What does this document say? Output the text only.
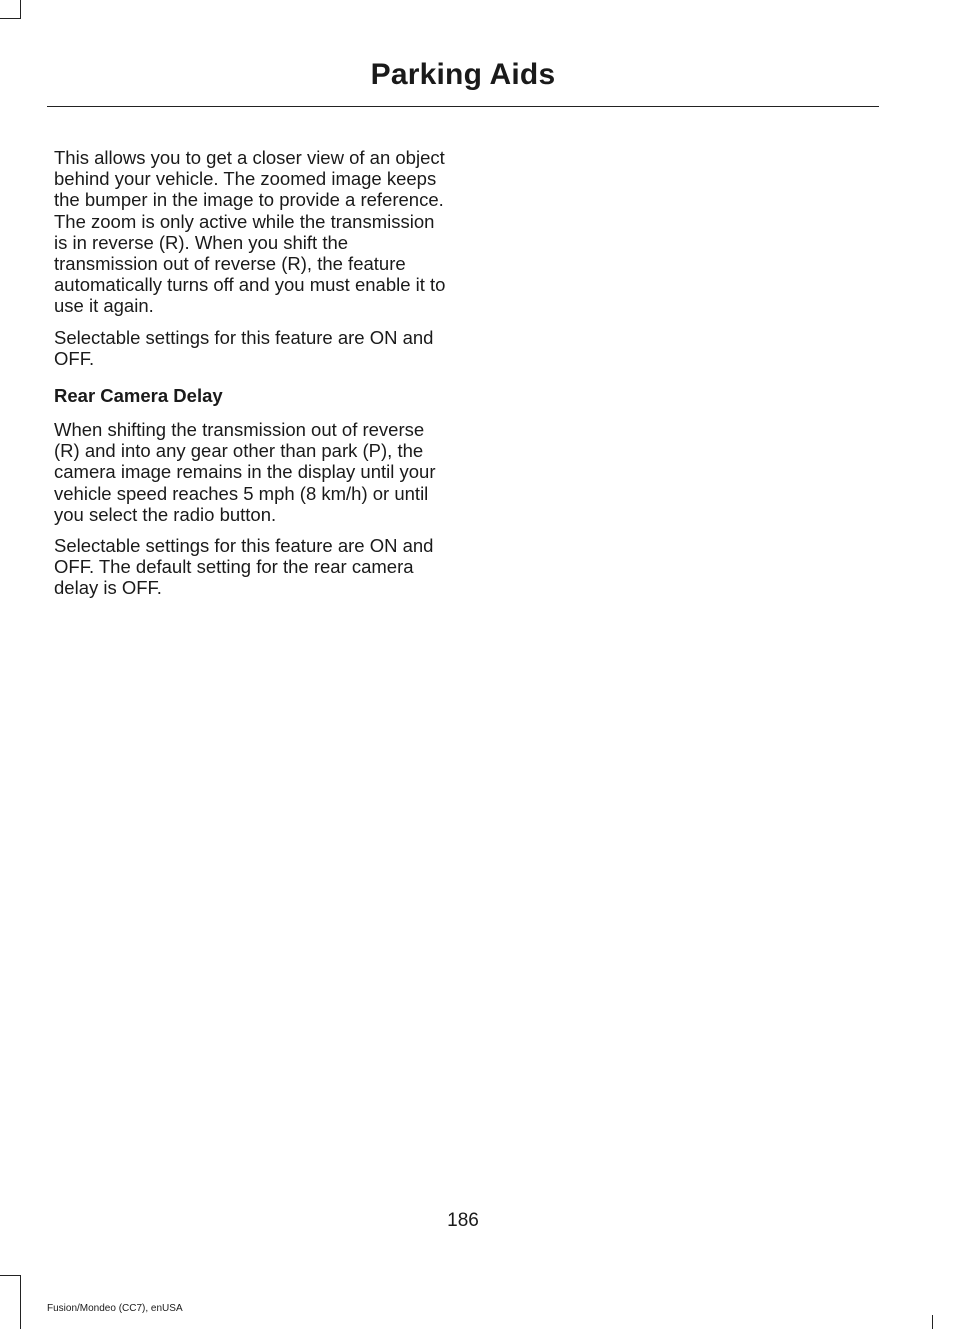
Parking Aids

This allows you to get a closer view of an object behind your vehicle. The zoomed image keeps the bumper in the image to provide a reference. The zoom is only active while the transmission is in reverse (R). When you shift the transmission out of reverse (R), the feature automatically turns off and you must enable it to use it again.

Selectable settings for this feature are ON and OFF.

Rear Camera Delay

When shifting the transmission out of reverse (R) and into any gear other than park (P), the camera image remains in the display until your vehicle speed reaches 5 mph (8 km/h) or until you select the radio button.

Selectable settings for this feature are ON and OFF. The default setting for the rear camera delay is OFF.

186
Fusion/Mondeo (CC7), enUSA
